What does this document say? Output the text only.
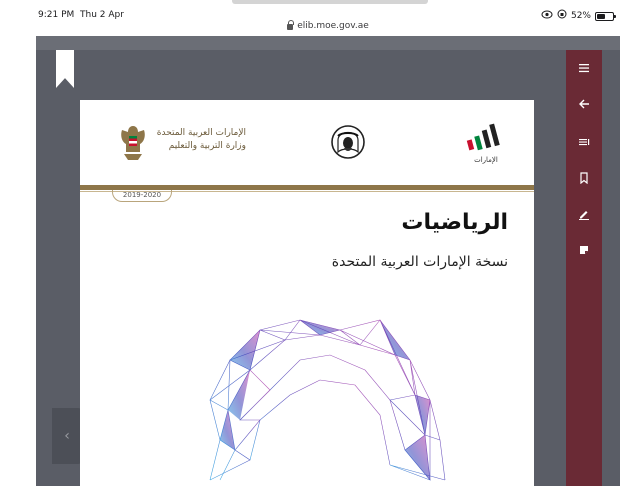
9:21 PM Thu 2 Apr	52%
elib.moe.gov.ae
‹
الإمارات العربية المتحدة
وزارة التربية والتعليم
الإمارات
2019-2020
الرياضيات
نسخة الإمارات العربية المتحدة
